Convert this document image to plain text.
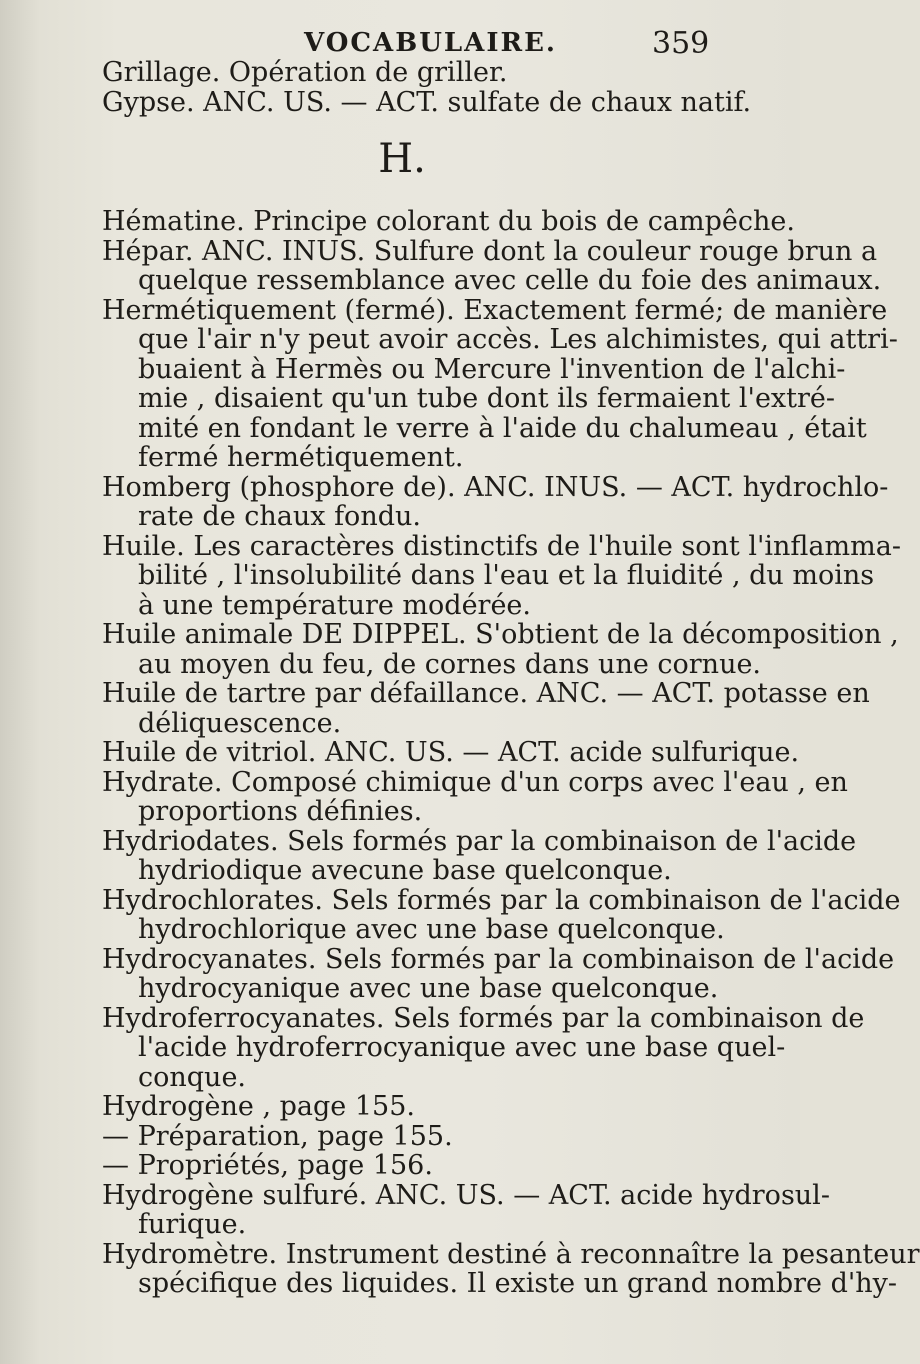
VOCABULAIRE.	359
Grillage. Opération de griller.
Gypse. ANC. US. — ACT. sulfate de chaux natif.
H.
Hématine. Principe colorant du bois de campêche.
Hépar. ANC. INUS. Sulfure dont la couleur rouge brun a
quelque ressemblance avec celle du foie des animaux.
Hermétiquement (fermé). Exactement fermé; de manière
que l'air n'y peut avoir accès. Les alchimistes, qui attri-
buaient à Hermès ou Mercure l'invention de l'alchi-
mie , disaient qu'un tube dont ils fermaient l'extré-
mité en fondant le verre à l'aide du chalumeau , était
fermé hermétiquement.
Homberg (phosphore de). ANC. INUS. — ACT. hydrochlo-
rate de chaux fondu.
Huile. Les caractères distinctifs de l'huile sont l'inflamma-
bilité , l'insolubilité dans l'eau et la fluidité , du moins
à une température modérée.
Huile animale DE DIPPEL. S'obtient de la décomposition ,
au moyen du feu, de cornes dans une cornue.
Huile de tartre par défaillance. ANC. — ACT. potasse en
déliquescence.
Huile de vitriol. ANC. US. — ACT. acide sulfurique.
Hydrate. Composé chimique d'un corps avec l'eau , en
proportions définies.
Hydriodates. Sels formés par la combinaison de l'acide
hydriodique avecune base quelconque.
Hydrochlorates. Sels formés par la combinaison de l'acide
hydrochlorique avec une base quelconque.
Hydrocyanates. Sels formés par la combinaison de l'acide
hydrocyanique avec une base quelconque.
Hydroferrocyanates. Sels formés par la combinaison de
l'acide hydroferrocyanique avec une base quel-
conque.
Hydrogène , page 155.
— Préparation, page 155.
— Propriétés, page 156.
Hydrogène sulfuré. ANC. US. — ACT. acide hydrosul-
furique.
Hydromètre. Instrument destiné à reconnaître la pesanteur
spécifique des liquides. Il existe un grand nombre d'hy-
